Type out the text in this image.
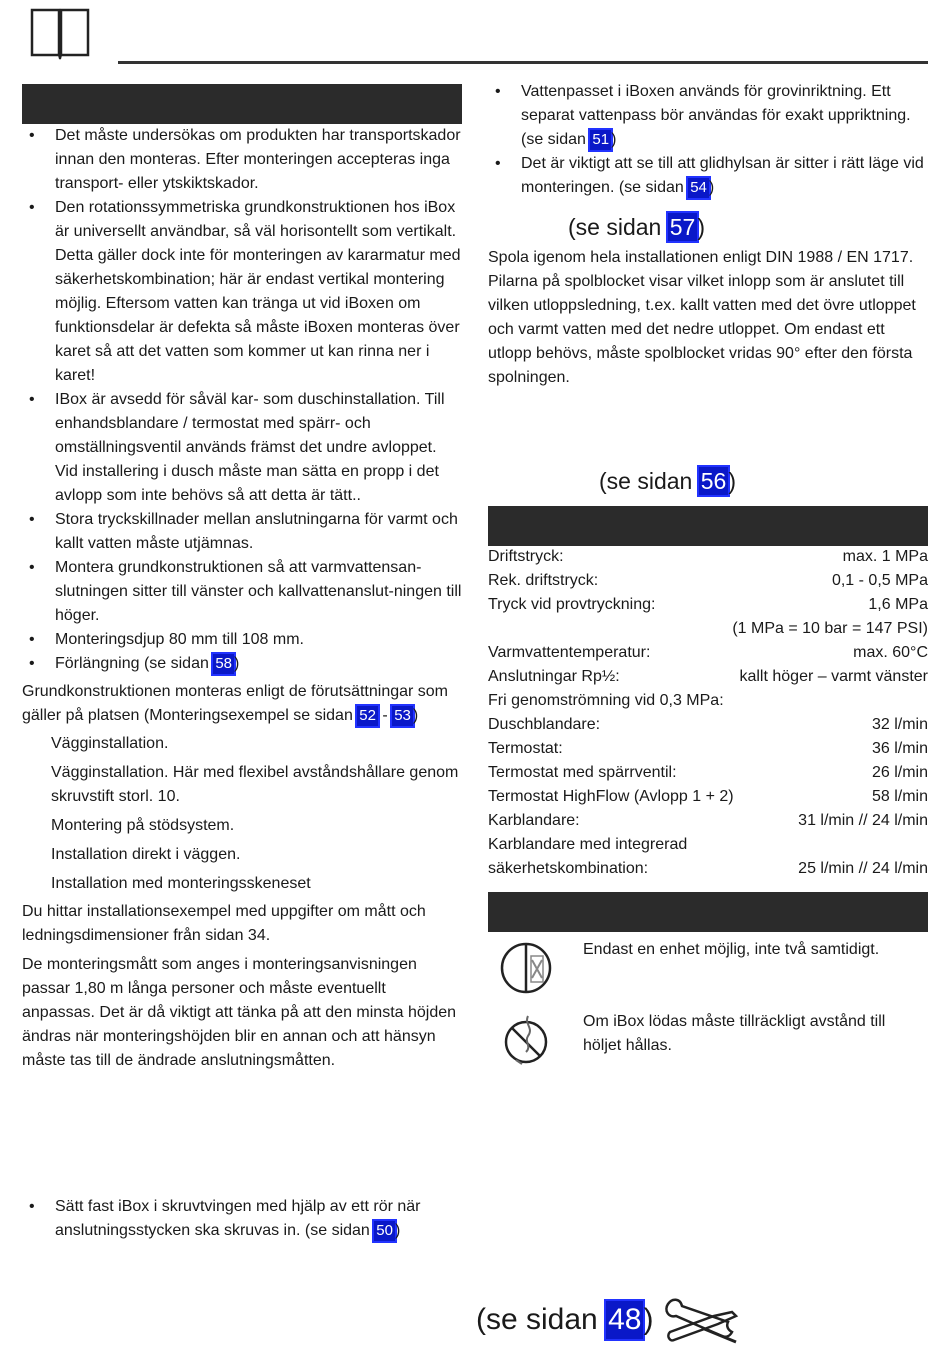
• Det måste undersökas om produkten har transportskador innan den monteras. Efter monteringen accepteras inga transport- eller ytskiktskador.
• Den rotationssymmetriska grundkonstruktionen hos iBox är universellt användbar, så väl horisontellt som vertikalt. Detta gäller dock inte för monteringen av kararmatur med säkerhetskombination; här är endast vertikal montering möjlig. Eftersom vatten kan tränga ut vid iBoxen om funktionsdelar är defekta så måste iBoxen monteras över karet så att det vatten som kommer ut kan rinna ner i karet!
• IBox är avsedd för såväl kar- som duschinstallation. Till enhandsblandare / termostat med spärr- och omställningsventil används främst det undre avloppet. Vid installering i dusch måste man sätta en propp i det avlopp som inte behövs så att detta är tätt..
• Stora tryckskillnader mellan anslutningarna för varmt och kallt vatten måste utjämnas.
• Montera grundkonstruktionen så att varmvattensan-slutningen sitter till vänster och kallvattenanslut-ningen till höger.
• Monteringsdjup 80 mm till 108 mm.
• Förlängning (se sidan 58 )

Grundkonstruktionen monteras enligt de förutsättningar som gäller på platsen (Monteringsexempel se sidan 52 - 53 )

Vägginstallation.
Vägginstallation. Här med flexibel avståndshållare genom skruvstift storl. 10.
Montering på stödsystem.
Installation direkt i väggen.
Installation med monteringsskeneset

Du hittar installationsexempel med uppgifter om mått och ledningsdimensioner från sidan 34.

De monteringsmått som anges i monteringsanvisningen passar 1,80 m långa personer och måste eventuellt anpassas. Det är då viktigt att tänka på att den minsta höjden ändras när monteringshöjden blir en annan och att hänsyn måste tas till de ändrade anslutningsmåtten.

• Sätt fast iBox i skruvtvingen med hjälp av ett rör när anslutningsstycken ska skruvas in. (se sidan 50 )
• Vattenpasset i iBoxen används för grovinriktning. Ett separat vattenpass bör användas för exakt uppriktning. (se sidan 51 )
• Det är viktigt att se till att glidhylsan är sitter i rätt läge vid monteringen. (se sidan 54 )
(se sidan 57)

Spola igenom hela installationen enligt DIN 1988 / EN 1717. Pilarna på spolblocket visar vilket inlopp som är anslutet till vilken utloppsledning, t.ex. kallt vatten med det övre utloppet och varmt vatten med det nedre utloppet. Om endast ett utlopp behövs, måste spolblocket vridas 90° efter den första spolningen.

(se sidan 56)
Driftstryck:	max. 1 MPa
Rek. driftstryck:	0,1 - 0,5 MPa
Tryck vid provtryckning:	1,6 MPa
(1 MPa = 10 bar = 147 PSI)
Varmvattentemperatur:	max. 60°C
Anslutningar Rp½:	kallt höger – varmt vänster
Fri genomströmning vid 0,3 MPa:
Duschblandare:	32 l/min
Termostat:	36 l/min
Termostat med spärrventil:	26 l/min
Termostat HighFlow (Avlopp 1 + 2)	58 l/min
Karblandare:	31 l/min // 24 l/min
Karblandare med integrerad
säkerhetskombination:	25 l/min // 24 l/min
Endast en enhet möjlig, inte två samtidigt.
Om iBox lödas måste tillräckligt avstånd till höljet hållas.
(se sidan 48)
